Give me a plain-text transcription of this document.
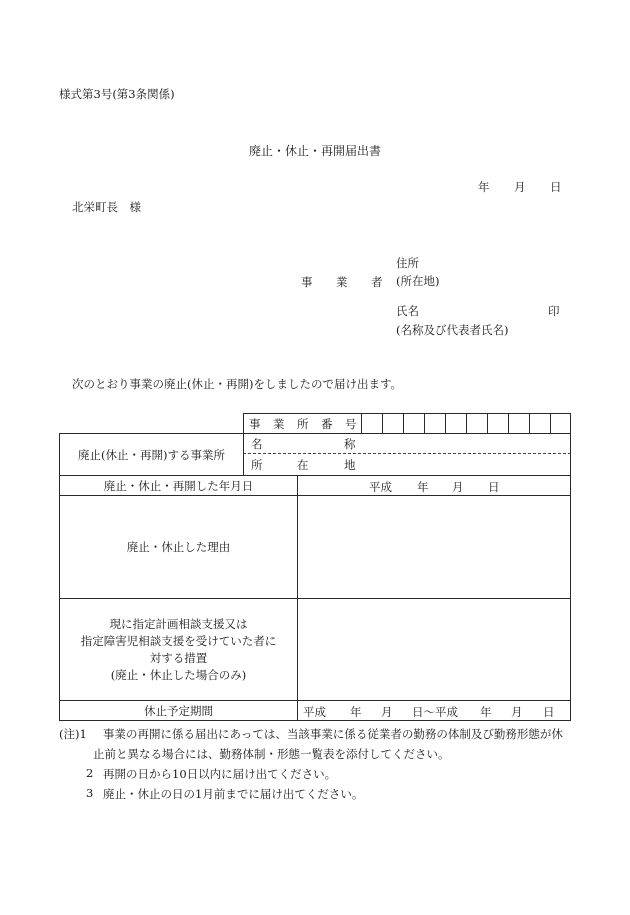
様式第3号(第3条関係)
廃止・休止・再開届出書
年 月 日
北栄町長　様
事 業 者
住所
(所在地)
氏名	印
(名称及び代表者氏名)
次のとおり事業の廃止(休止・再開)をしましたので届け出ます。
事 業 所 番 号
廃止(休止・再開)する事業所
名	称
所	在	地
廃止・休止・再開した年月日	平成 年 月 日
廃止・休止した理由
現に指定計画相談支援又は
指定障害児相談支援を受けていた者に
対する措置
(廃止・休止した場合のみ)
休止予定期間	平成 年 月 日〜平成 年 月 日
(注)1 事業の再開に係る届出にあっては、当該事業に係る従業者の勤務の体制及び勤務形態が休
止前と異なる場合には、勤務体制・形態一覧表を添付してください。
2 再開の日から10日以内に届け出てください。
3 廃止・休止の日の1月前までに届け出てください。
